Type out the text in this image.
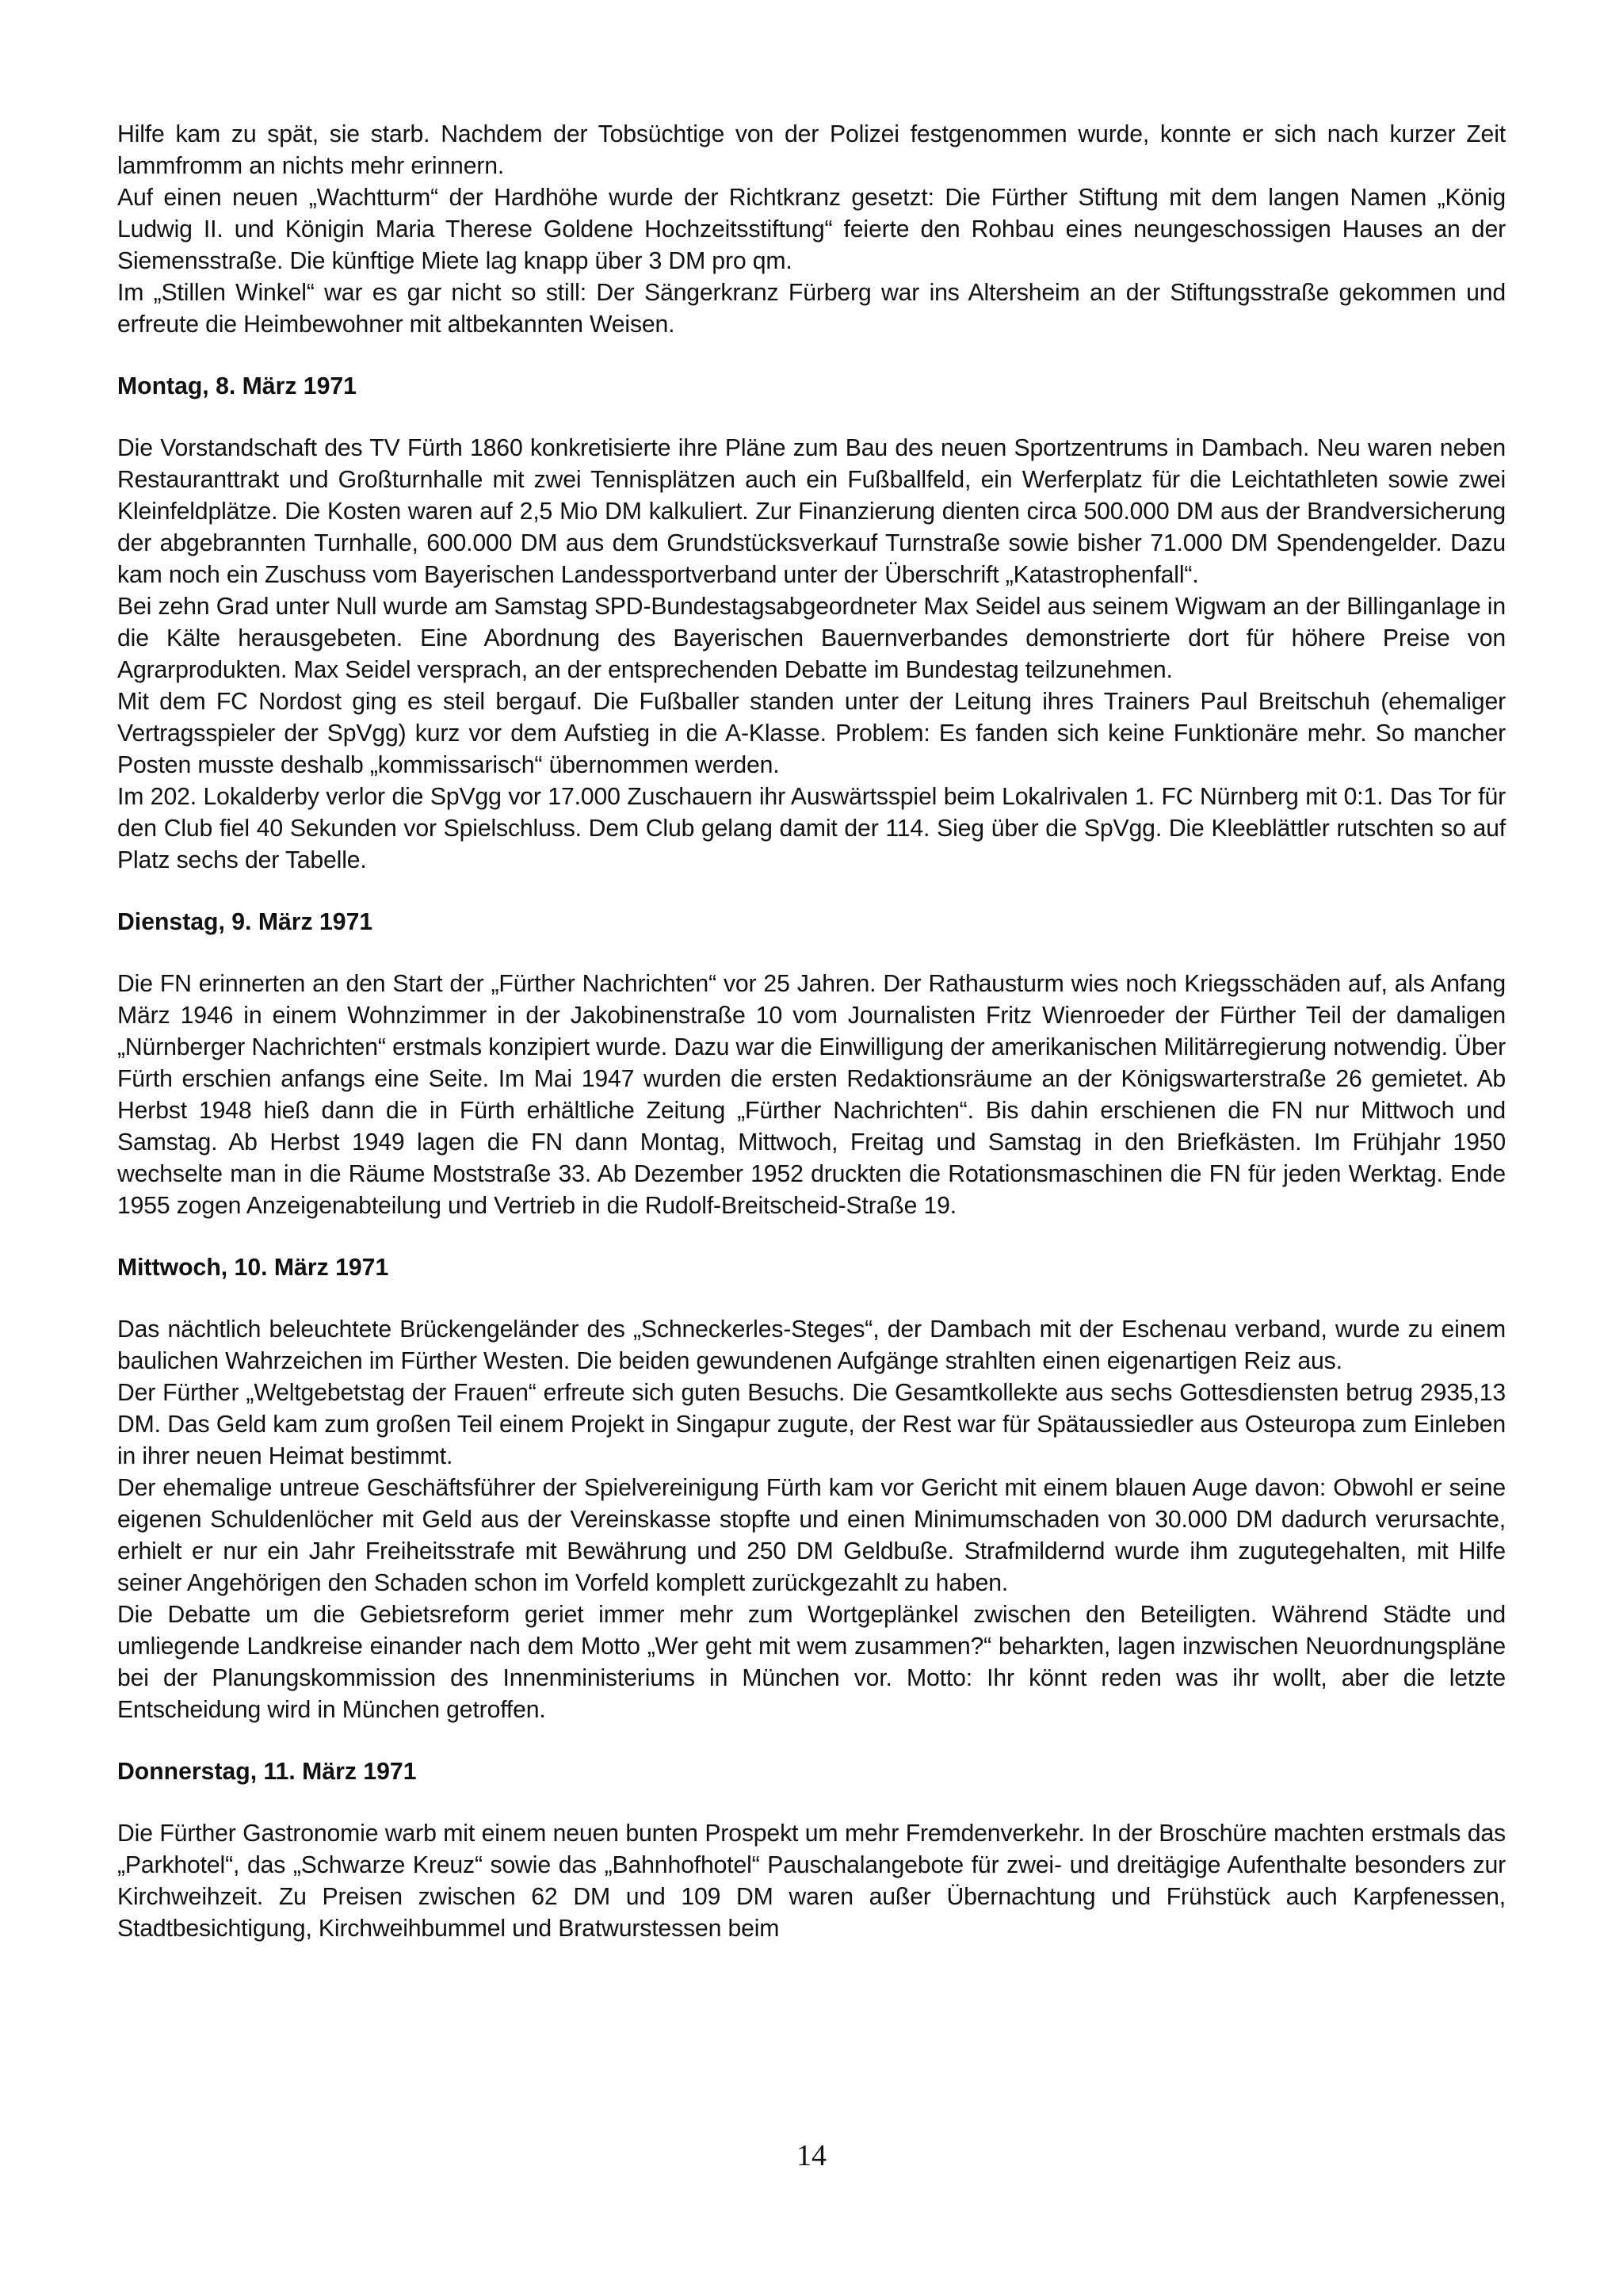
Hilfe kam zu spät, sie starb. Nachdem der Tobsüchtige von der Polizei festgenommen wurde, konnte er sich nach kurzer Zeit lammfromm an nichts mehr erinnern.

Auf einen neuen „Wachtturm“ der Hardhöhe wurde der Richtkranz gesetzt: Die Fürther Stiftung mit dem langen Namen „König Ludwig II. und Königin Maria Therese Goldene Hochzeitsstiftung“ feierte den Rohbau eines neungeschossigen Hauses an der Siemensstraße. Die künftige Miete lag knapp über 3 DM pro qm.

Im „Stillen Winkel“ war es gar nicht so still: Der Sängerkranz Fürberg war ins Altersheim an der Stiftungsstraße gekommen und erfreute die Heimbewohner mit altbekannten Weisen.

Montag, 8. März 1971

Die Vorstandschaft des TV Fürth 1860 konkretisierte ihre Pläne zum Bau des neuen Sportzentrums in Dambach. Neu waren neben Restauranttrakt und Großturnhalle mit zwei Tennisplätzen auch ein Fußballfeld, ein Werferplatz für die Leichtathleten sowie zwei Kleinfeldplätze. Die Kosten waren auf 2,5 Mio DM kalkuliert. Zur Finanzierung dienten circa 500.000 DM aus der Brandversicherung der abgebrannten Turnhalle, 600.000 DM aus dem Grundstücksverkauf Turnstraße sowie bisher 71.000 DM Spendengelder. Dazu kam noch ein Zuschuss vom Bayerischen Landessportverband unter der Überschrift „Katastrophenfall“.

Bei zehn Grad unter Null wurde am Samstag SPD-Bundestagsabgeordneter Max Seidel aus seinem Wigwam an der Billinganlage in die Kälte herausgebeten. Eine Abordnung des Bayerischen Bauernverbandes demonstrierte dort für höhere Preise von Agrarprodukten. Max Seidel versprach, an der entsprechenden Debatte im Bundestag teilzunehmen.

Mit dem FC Nordost ging es steil bergauf. Die Fußballer standen unter der Leitung ihres Trainers Paul Breitschuh (ehemaliger Vertragsspieler der SpVgg) kurz vor dem Aufstieg in die A-Klasse. Problem: Es fanden sich keine Funktionäre mehr. So mancher Posten musste deshalb „kommissarisch“ übernommen werden.

Im 202. Lokalderby verlor die SpVgg vor 17.000 Zuschauern ihr Auswärtsspiel beim Lokalrivalen 1. FC Nürnberg mit 0:1. Das Tor für den Club fiel 40 Sekunden vor Spielschluss. Dem Club gelang damit der 114. Sieg über die SpVgg. Die Kleeblättler rutschten so auf Platz sechs der Tabelle.

Dienstag, 9. März 1971

Die FN erinnerten an den Start der „Fürther Nachrichten“ vor 25 Jahren. Der Rathausturm wies noch Kriegsschäden auf, als Anfang März 1946 in einem Wohnzimmer in der Jakobinenstraße 10 vom Journalisten Fritz Wienroeder der Fürther Teil der damaligen „Nürnberger Nachrichten“ erstmals konzipiert wurde. Dazu war die Einwilligung der amerikanischen Militärregierung notwendig. Über Fürth erschien anfangs eine Seite. Im Mai 1947 wurden die ersten Redaktionsräume an der Königswarterstraße 26 gemietet. Ab Herbst 1948 hieß dann die in Fürth erhältliche Zeitung „Fürther Nachrichten“. Bis dahin erschienen die FN nur Mittwoch und Samstag. Ab Herbst 1949 lagen die FN dann Montag, Mittwoch, Freitag und Samstag in den Briefkästen. Im Frühjahr 1950 wechselte man in die Räume Moststraße 33. Ab Dezember 1952 druckten die Rotationsmaschinen die FN für jeden Werktag. Ende 1955 zogen Anzeigenabteilung und Vertrieb in die Rudolf-Breitscheid-Straße 19.

Mittwoch, 10. März 1971

Das nächtlich beleuchtete Brückengeländer des „Schneckerles-Steges“, der Dambach mit der Eschenau verband, wurde zu einem baulichen Wahrzeichen im Fürther Westen. Die beiden gewundenen Aufgänge strahlten einen eigenartigen Reiz aus.

Der Fürther „Weltgebetstag der Frauen“ erfreute sich guten Besuchs. Die Gesamtkollekte aus sechs Gottesdiensten betrug 2935,13 DM. Das Geld kam zum großen Teil einem Projekt in Singapur zugute, der Rest war für Spätaussiedler aus Osteuropa zum Einleben in ihrer neuen Heimat bestimmt.

Der ehemalige untreue Geschäftsführer der Spielvereinigung Fürth kam vor Gericht mit einem blauen Auge davon: Obwohl er seine eigenen Schuldenlöcher mit Geld aus der Vereinskasse stopfte und einen Minimumschaden von 30.000 DM dadurch verursachte, erhielt er nur ein Jahr Freiheitsstrafe mit Bewährung und 250 DM Geldbuße. Strafmildernd wurde ihm zugutegehalten, mit Hilfe seiner Angehörigen den Schaden schon im Vorfeld komplett zurückgezahlt zu haben.

Die Debatte um die Gebietsreform geriet immer mehr zum Wortgeplänkel zwischen den Beteiligten. Während Städte und umliegende Landkreise einander nach dem Motto „Wer geht mit wem zusammen?“ beharkten, lagen inzwischen Neuordnungspläne bei der Planungskommission des Innenministeriums in München vor. Motto: Ihr könnt reden was ihr wollt, aber die letzte Entscheidung wird in München getroffen.

Donnerstag, 11. März 1971

Die Fürther Gastronomie warb mit einem neuen bunten Prospekt um mehr Fremdenverkehr. In der Broschüre machten erstmals das „Parkhotel“, das „Schwarze Kreuz“ sowie das „Bahnhofhotel“ Pauschalangebote für zwei- und dreitägige Aufenthalte besonders zur Kirchweihzeit. Zu Preisen zwischen 62 DM und 109 DM waren außer Übernachtung und Frühstück auch Karpfenessen, Stadtbesichtigung, Kirchweihbummel und Bratwurstessen beim

14
